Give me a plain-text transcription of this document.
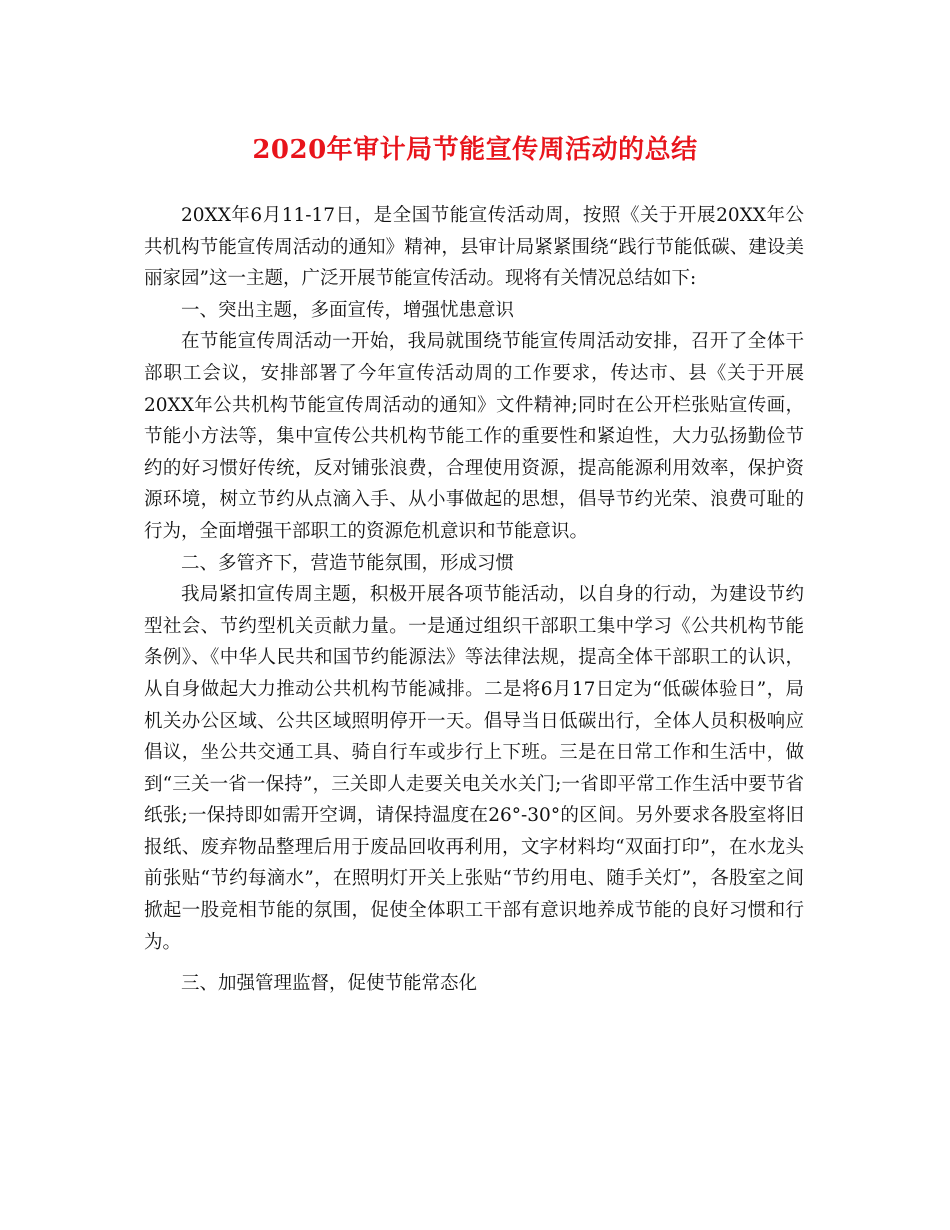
2020年审计局节能宣传周活动的总结

20XX年6月11-17日，是全国节能宣传活动周，按照《关于开展20XX年公共机构节能宣传周活动的通知》精神，县审计局紧紧围绕“践行节能低碳、建设美丽家园”这一主题，广泛开展节能宣传活动。现将有关情况总结如下:

一、突出主题，多面宣传，增强忧患意识

在节能宣传周活动一开始，我局就围绕节能宣传周活动安排，召开了全体干部职工会议，安排部署了今年宣传活动周的工作要求，传达市、县《关于开展20XX年公共机构节能宣传周活动的通知》文件精神;同时在公开栏张贴宣传画，节能小方法等，集中宣传公共机构节能工作的重要性和紧迫性，大力弘扬勤俭节约的好习惯好传统，反对铺张浪费，合理使用资源，提高能源利用效率，保护资源环境，树立节约从点滴入手、从小事做起的思想，倡导节约光荣、浪费可耻的行为，全面增强干部职工的资源危机意识和节能意识。

二、多管齐下，营造节能氛围，形成习惯

我局紧扣宣传周主题，积极开展各项节能活动，以自身的行动，为建设节约型社会、节约型机关贡献力量。一是通过组织干部职工集中学习《公共机构节能条例》、《中华人民共和国节约能源法》等法律法规，提高全体干部职工的认识，从自身做起大力推动公共机构节能减排。二是将6月17日定为“低碳体验日”，局机关办公区域、公共区域照明停开一天。倡导当日低碳出行，全体人员积极响应倡议，坐公共交通工具、骑自行车或步行上下班。三是在日常工作和生活中，做到“三关一省一保持”，三关即人走要关电关水关门;一省即平常工作生活中要节省纸张;一保持即如需开空调，请保持温度在26°-30°的区间。另外要求各股室将旧报纸、废弃物品整理后用于废品回收再利用，文字材料均“双面打印”，在水龙头前张贴“节约每滴水”，在照明灯开关上张贴“节约用电、随手关灯”，各股室之间掀起一股竞相节能的氛围，促使全体职工干部有意识地养成节能的良好习惯和行为。

三、加强管理监督，促使节能常态化
